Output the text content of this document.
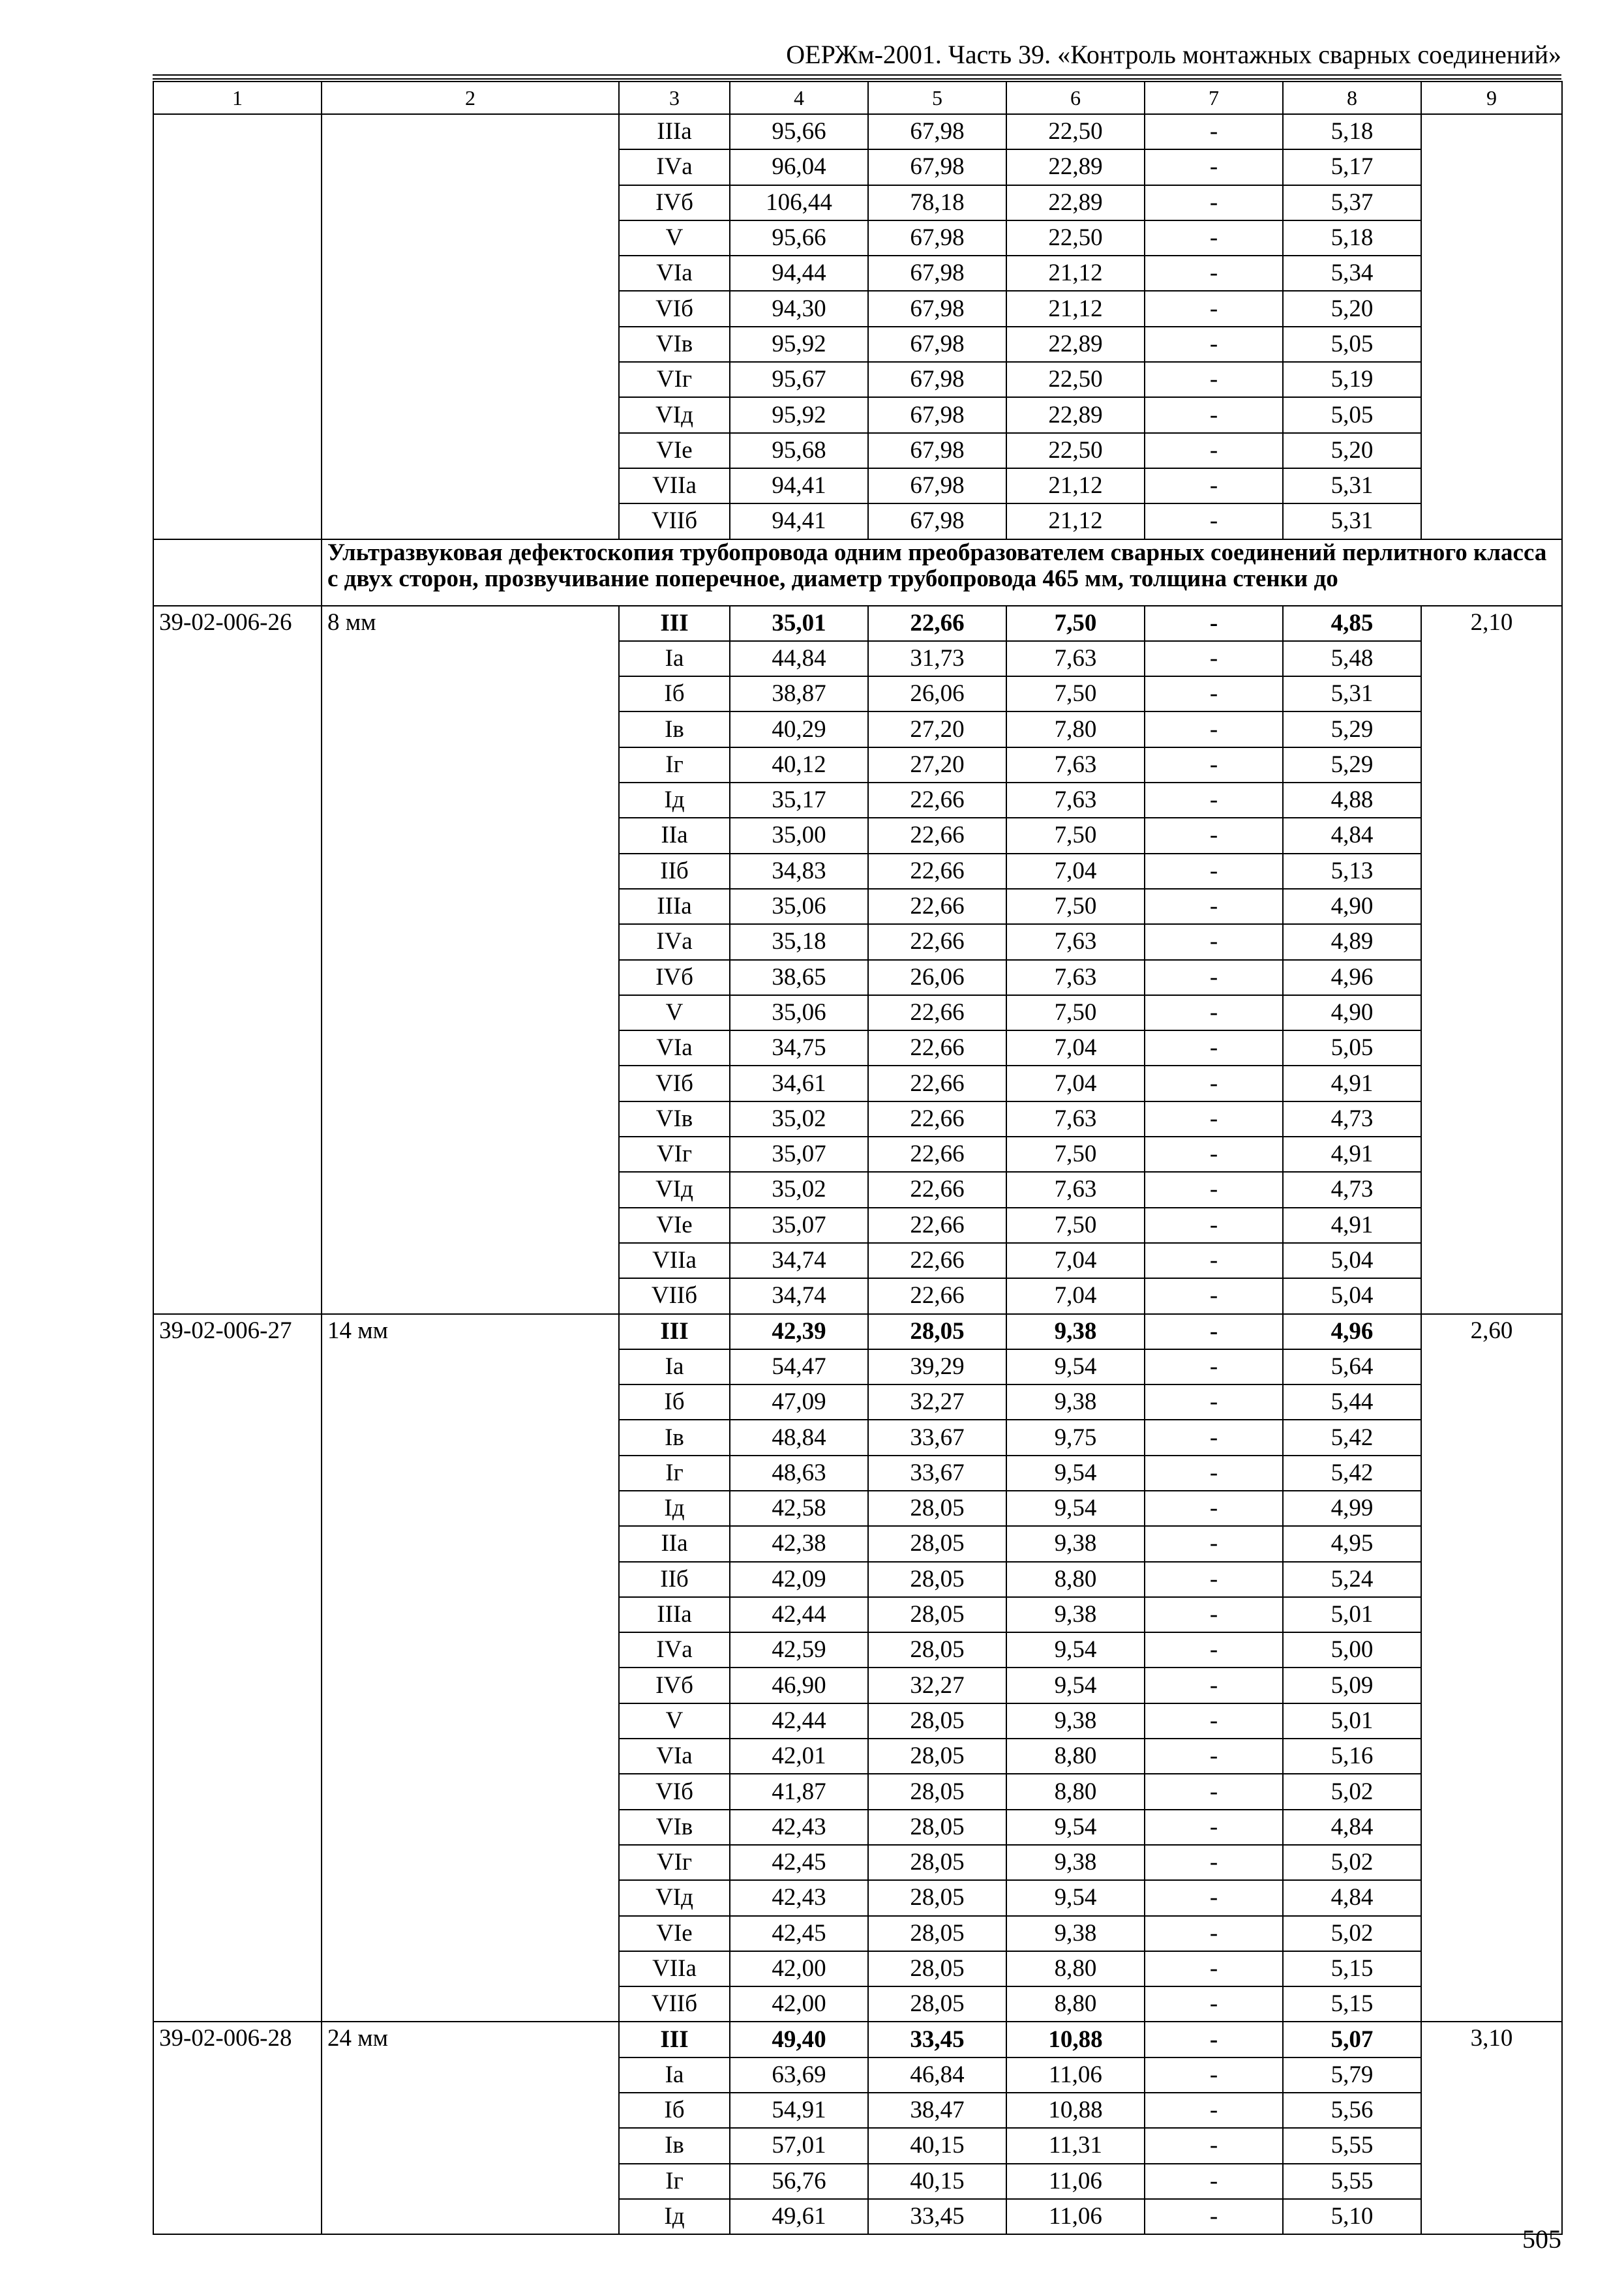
ОЕРЖм-2001. Часть 39. «Контроль монтажных сварных соединений»
1	2	3	4	5	6	7	8	9
		IIIа	95,66	67,98	22,50	-	5,18	
		IVа	96,04	67,98	22,89	-	5,17	
		IVб	106,44	78,18	22,89	-	5,37	
		V	95,66	67,98	22,50	-	5,18	
		VIа	94,44	67,98	21,12	-	5,34	
		VIб	94,30	67,98	21,12	-	5,20	
		VIв	95,92	67,98	22,89	-	5,05	
		VIг	95,67	67,98	22,50	-	5,19	
		VIд	95,92	67,98	22,89	-	5,05	
		VIе	95,68	67,98	22,50	-	5,20	
		VIIа	94,41	67,98	21,12	-	5,31	
		VIIб	94,41	67,98	21,12	-	5,31	
	Ультразвуковая дефектоскопия трубопровода одним преобразователем сварных соединений перлитного класса с двух сторон, прозвучивание поперечное, диаметр трубопровода 465 мм, толщина стенки до							
39-02-006-26	8 мм	III	35,01	22,66	7,50	-	4,85	2,10
		Iа	44,84	31,73	7,63	-	5,48	
		Iб	38,87	26,06	7,50	-	5,31	
		Iв	40,29	27,20	7,80	-	5,29	
		Iг	40,12	27,20	7,63	-	5,29	
		Iд	35,17	22,66	7,63	-	4,88	
		IIа	35,00	22,66	7,50	-	4,84	
		IIб	34,83	22,66	7,04	-	5,13	
		IIIа	35,06	22,66	7,50	-	4,90	
		IVа	35,18	22,66	7,63	-	4,89	
		IVб	38,65	26,06	7,63	-	4,96	
		V	35,06	22,66	7,50	-	4,90	
		VIа	34,75	22,66	7,04	-	5,05	
		VIб	34,61	22,66	7,04	-	4,91	
		VIв	35,02	22,66	7,63	-	4,73	
		VIг	35,07	22,66	7,50	-	4,91	
		VIд	35,02	22,66	7,63	-	4,73	
		VIе	35,07	22,66	7,50	-	4,91	
		VIIа	34,74	22,66	7,04	-	5,04	
		VIIб	34,74	22,66	7,04	-	5,04	
39-02-006-27	14 мм	III	42,39	28,05	9,38	-	4,96	2,60
		Iа	54,47	39,29	9,54	-	5,64	
		Iб	47,09	32,27	9,38	-	5,44	
		Iв	48,84	33,67	9,75	-	5,42	
		Iг	48,63	33,67	9,54	-	5,42	
		Iд	42,58	28,05	9,54	-	4,99	
		IIа	42,38	28,05	9,38	-	4,95	
		IIб	42,09	28,05	8,80	-	5,24	
		IIIа	42,44	28,05	9,38	-	5,01	
		IVа	42,59	28,05	9,54	-	5,00	
		IVб	46,90	32,27	9,54	-	5,09	
		V	42,44	28,05	9,38	-	5,01	
		VIа	42,01	28,05	8,80	-	5,16	
		VIб	41,87	28,05	8,80	-	5,02	
		VIв	42,43	28,05	9,54	-	4,84	
		VIг	42,45	28,05	9,38	-	5,02	
		VIд	42,43	28,05	9,54	-	4,84	
		VIе	42,45	28,05	9,38	-	5,02	
		VIIа	42,00	28,05	8,80	-	5,15	
		VIIб	42,00	28,05	8,80	-	5,15	
39-02-006-28	24 мм	III	49,40	33,45	10,88	-	5,07	3,10
		Iа	63,69	46,84	11,06	-	5,79	
		Iб	54,91	38,47	10,88	-	5,56	
		Iв	57,01	40,15	11,31	-	5,55	
		Iг	56,76	40,15	11,06	-	5,55	
		Iд	49,61	33,45	11,06	-	5,10	
505
